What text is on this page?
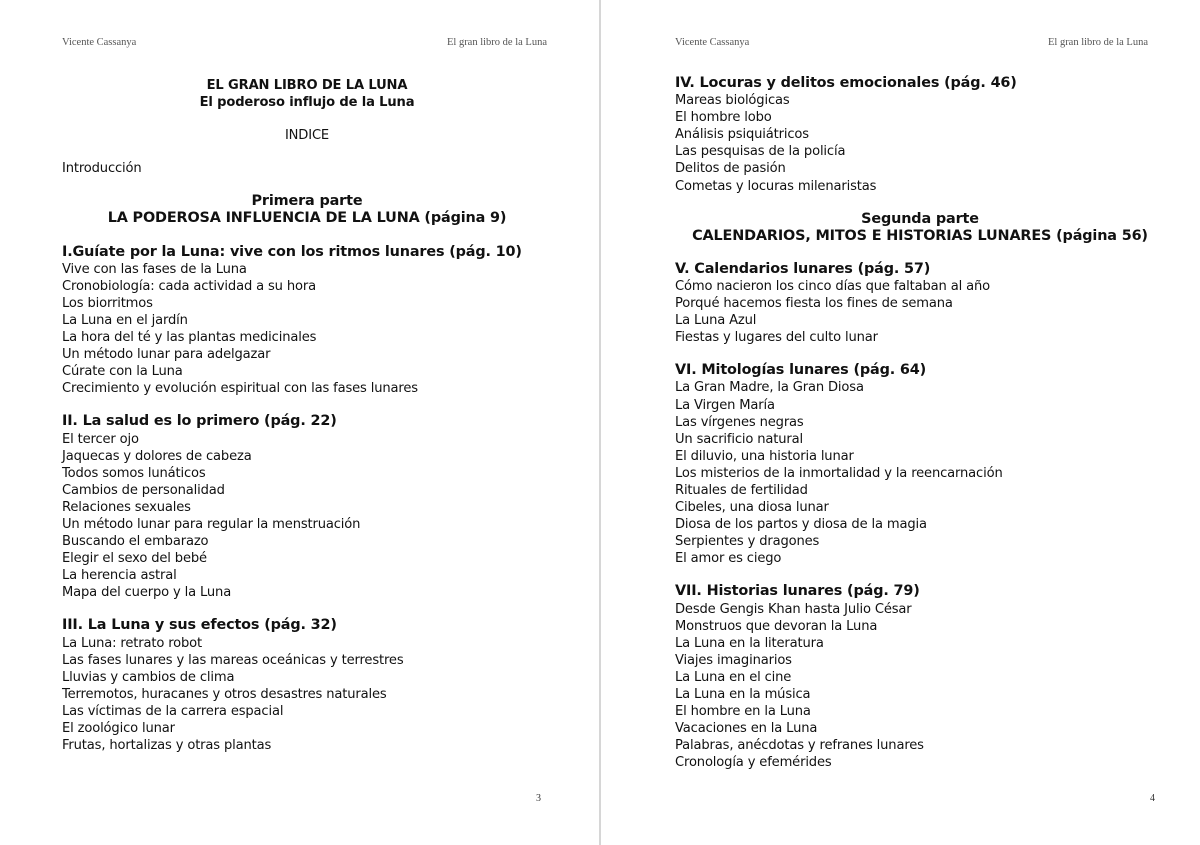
Vicente Cassanya	El gran libro de la Luna
EL GRAN LIBRO DE LA LUNA
El poderoso influjo de la Luna
INDICE
Introducción
Primera parte
LA PODEROSA INFLUENCIA DE LA LUNA (página 9)
I.Guíate por la Luna: vive con los ritmos lunares (pág. 10)
Vive con las fases de la Luna
Cronobiología: cada actividad a su hora
Los biorritmos
La Luna en el jardín
La hora del té y las plantas medicinales
Un método lunar para adelgazar
Cúrate con la Luna
Crecimiento y evolución espiritual con las fases lunares
II. La salud es lo primero (pág. 22)
El tercer ojo
Jaquecas y dolores de cabeza
Todos somos lunáticos
Cambios de personalidad
Relaciones sexuales
Un método lunar para regular la menstruación
Buscando el embarazo
Elegir el sexo del bebé
La herencia astral
Mapa del cuerpo y la Luna
III. La Luna y sus efectos (pág. 32)
La Luna: retrato robot
Las fases lunares y las mareas oceánicas y terrestres
Lluvias y cambios de clima
Terremotos, huracanes y otros desastres naturales
Las víctimas de la carrera espacial
El zoológico lunar
Frutas, hortalizas y otras plantas
3
Vicente Cassanya	El gran libro de la Luna
IV. Locuras y delitos emocionales (pág. 46)
Mareas biológicas
El hombre lobo
Análisis psiquiátricos
Las pesquisas de la policía
Delitos de pasión
Cometas y locuras milenaristas
Segunda parte
CALENDARIOS, MITOS E HISTORIAS LUNARES (página 56)
V. Calendarios lunares (pág. 57)
Cómo nacieron los cinco días que faltaban al año
Porqué hacemos fiesta los fines de semana
La Luna Azul
Fiestas y lugares del culto lunar
VI. Mitologías lunares (pág. 64)
La Gran Madre, la Gran Diosa
La Virgen María
Las vírgenes negras
Un sacrificio natural
El diluvio, una historia lunar
Los misterios de la inmortalidad y la reencarnación
Rituales de fertilidad
Cibeles, una diosa lunar
Diosa de los partos y diosa de la magia
Serpientes y dragones
El amor es ciego
VII. Historias lunares (pág. 79)
Desde Gengis Khan hasta Julio César
Monstruos que devoran la Luna
La Luna en la literatura
Viajes imaginarios
La Luna en el cine
La Luna en la música
El hombre en la Luna
Vacaciones en la Luna
Palabras, anécdotas y refranes lunares
Cronología y efemérides
4
